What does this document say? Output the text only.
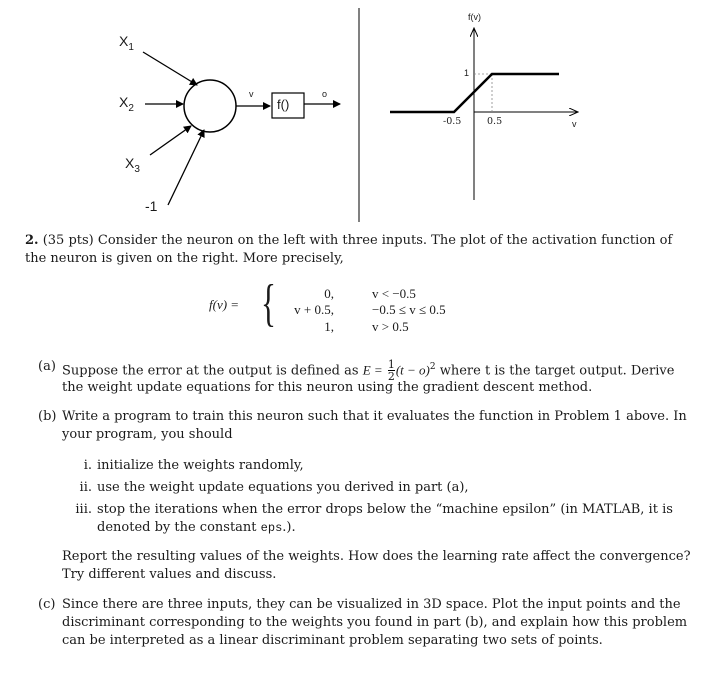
$X_1$
$X_2$
$X_3$
-1
v
f()
o
f(v)
v
1
-0.5	0.5
2. (35 pts) Consider the neuron on the left with three inputs. The plot of the activation function of the neuron is given on the right. More precisely,
f(v) = {	0,
v + 0.5,
1,
v < −0.5
−0.5 ≤ v ≤ 0.5
v > 0.5
(a) Suppose the error at the output is defined as $E = \frac{1}{2} (t - o)^2$ where t is the target output. Derive
the weight update equations for this neuron using the gradient descent method.
(b) Write a program to train this neuron such that it evaluates the function in Problem 1 above. In
your program, you should
i. initialize the weights randomly,
ii. use the weight update equations you derived in part (a),
iii. stop the iterations when the error drops below the “machine epsilon” (in MATLAB, it is
denoted by the constant eps.).
Report the resulting values of the weights. How does the learning rate affect the convergence?
Try different values and discuss.
(c) Since there are three inputs, they can be visualized in 3D space. Plot the input points and the
discriminant corresponding to the weights you found in part (b), and explain how this problem
can be interpreted as a linear discriminant problem separating two sets of points.
